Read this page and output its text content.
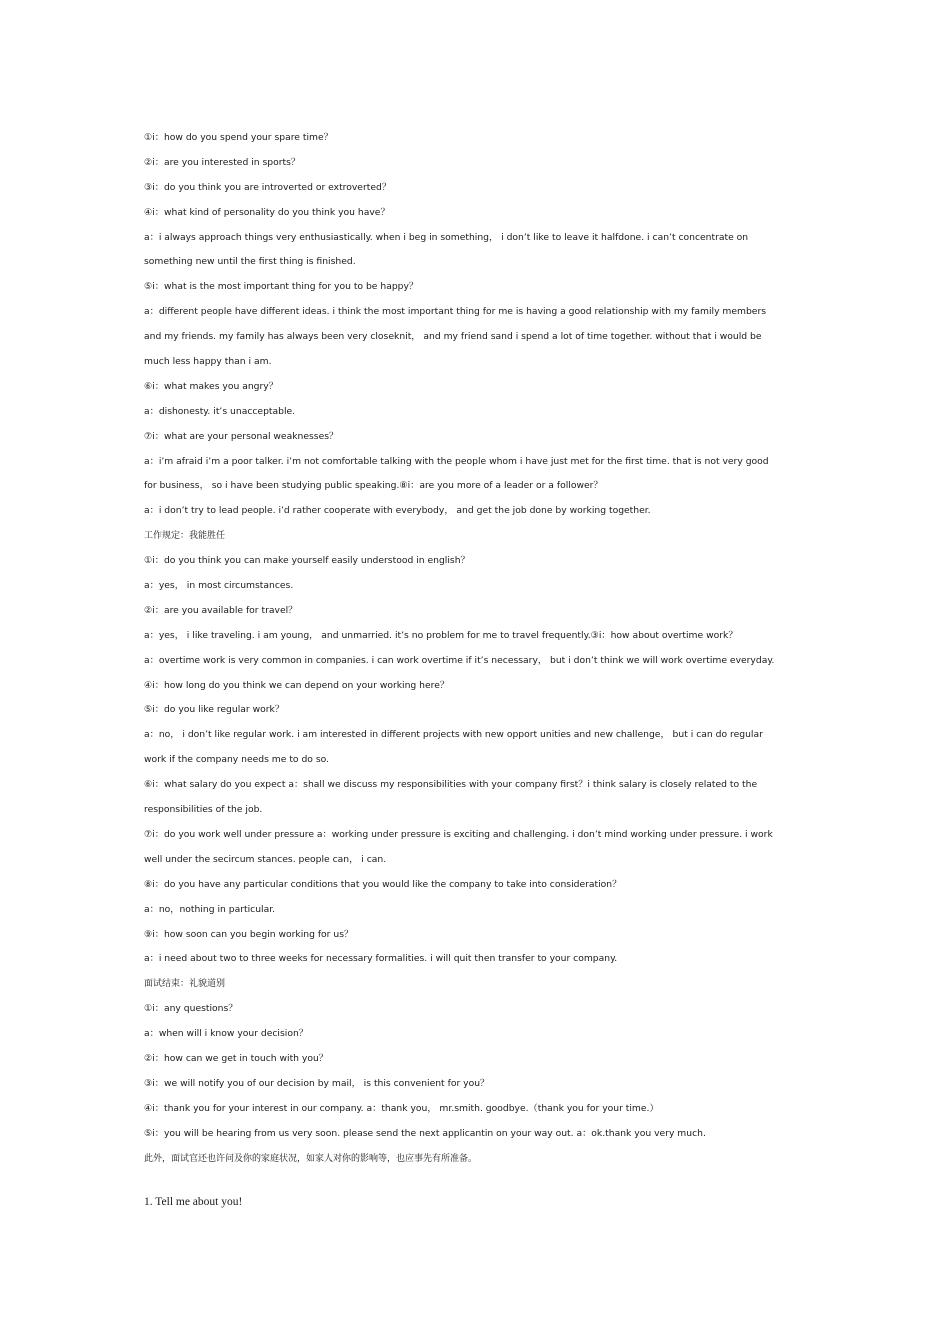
①i：how do you spend your spare time？
②i：are you interested in sports？
③i：do you think you are introverted or extroverted？
④i：what kind of personality do you think you have？
a：i always approach things very enthusiastically. when i beg in something， i don’t like to leave it halfdone. i can’t concentrate on
something new until the first thing is finished.
⑤i：what is the most important thing for you to be happy？
a：different people have different ideas. i think the most important thing for me is having a good relationship with my family members
and my friends. my family has always been very closeknit， and my friend sand i spend a lot of time together. without that i would be
much less happy than i am.
⑥i：what makes you angry？
a：dishonesty. it’s unacceptable.
⑦i：what are your personal weaknesses？
a：i’m afraid i’m a poor talker. i’m not comfortable talking with the people whom i have just met for the first time. that is not very good
for business， so i have been studying public speaking.⑧i：are you more of a leader or a follower？
a：i don’t try to lead people. i’d rather cooperate with everybody， and get the job done by working together.
工作规定：我能胜任
①i：do you think you can make yourself easily understood in english？
a：yes， in most circumstances.
②i：are you available for travel？
a：yes， i like traveling. i am young， and unmarried. it’s no problem for me to travel frequently.③i：how about overtime work？
a：overtime work is very common in companies. i can work overtime if it’s necessary， but i don’t think we will work overtime everyday.
④i：how long do you think we can depend on your working here？
⑤i：do you like regular work？
a：no， i don’t like regular work. i am interested in different projects with new opport unities and new challenge， but i can do regular
work if the company needs me to do so.
⑥i：what salary do you expect a：shall we discuss my responsibilities with your company first？i think salary is closely related to the
responsibilities of the job.
⑦i：do you work well under pressure a：working under pressure is exciting and challenging. i don’t mind working under pressure. i work
well under the secircum stances. people can， i can.
⑧i：do you have any particular conditions that you would like the company to take into consideration？
a：no，nothing in particular.
⑨i：how soon can you begin working for us？
a：i need about two to three weeks for necessary formalities. i will quit then transfer to your company.
面试结束：礼貌道别
①i：any questions？
a：when will i know your decision？
②i：how can we get in touch with you？
③i：we will notify you of our decision by mail， is this convenient for you？
④i：thank you for your interest in our company. a：thank you， mr.smith. goodbye.（thank you for your time.）
⑤i：you will be hearing from us very soon. please send the next applicantin on your way out. a：ok.thank you very much.
此外，面试官还也许问及你的家庭状况，如家人对你的影响等，也应事先有所准备。
1. Tell me about you!
